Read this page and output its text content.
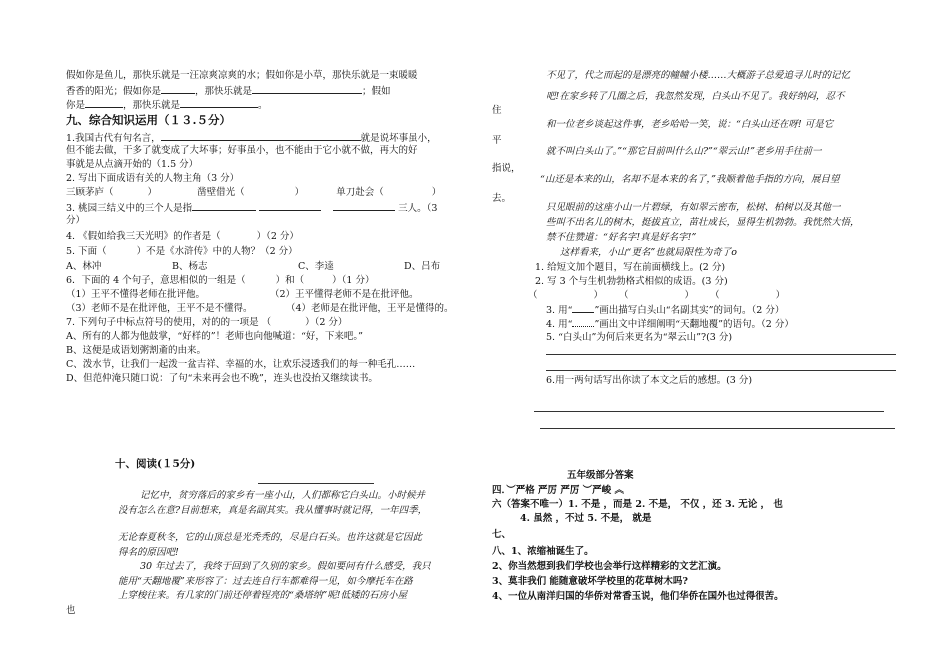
假如你是鱼儿，那快乐就是一汪凉爽凉爽的水；假如你是小草，那快乐就是一束暖暖
香香的阳光；假如你是	，那快乐就是	；假如
你是	，那快乐就是	。
九、综合知识运用（１３.５分）
1.我国古代有句名言，	就是说坏事虽小，
但不能去做，干多了就变成了大坏事；好事虽小，也不能由于它小就不做，再大的好
事就是从点滴开始的（1.5 分）
2. 写出下面成语有关的人物主角（3 分）
三顾茅庐（	）	凿壁借光（	）	单刀赴会（	）
3. 桃园三结义中的三个人是指	三人。（3
分）
4. 《假如给我三天光明》的作者是（	）（2 分）
5. 下面（	）不是《水浒传》中的人物？（2 分）
A、林冲	B、杨志	C、李逵	D、吕布
6．下面的 4 个句子，意思相似的一组是（	）和（	）（1 分）
（1）王平不懂得老师在批评他。	（2）王平懂得老师不是在批评他。
（3）老师不是在批评他，王平不是不懂得。	（4）老师是在批评他，王平是懂得的。
7. 下列句子中标点符号的使用，对的的一项是 （	）（2 分）
A、所有的人都为他鼓掌，“好样的”！老师也向他喊道：“好，下来吧。”
B、这便是成语划粥割齑的由来。
C、泼水节，让我们一起泼一盆吉祥、幸福的水，让欢乐浸透我们的每一种毛孔……
D、但范仲淹只随口说：了句“未来再会也不晚”，连头也没抬又继续读书。
十、阅读(１5分)
记忆中，贫穷落后的家乡有一座小山，人们都称它白头山。小时候并
没有怎么在意?目前想来，真是名副其实。我从懂事时就记得，一年四季，
无论春夏秋冬，它的山顶总是光秃秃的，尽是白石头。也许这就是它因此
得名的原因吧!
30 年过去了，我终于回到了久别的家乡。假如要问有什么感受，我只
能用“天翻地覆”来形容了：过去连自行车都难得一见，如今摩托车在路
上穿梭往来。有几家的门前还停着锃亮的“桑塔纳”呢!低矮的石房小屋
也
住
平
指说，
去。
不见了，代之而起的是漂亮的幢幢小楼……大概游子总爱追寻儿时的记忆
吧!在家乡转了几圈之后，我忽然发现，白头山不见了。我好纳闷，忍不
和一位老乡谈起这件事，老乡哈哈一笑，说：“白头山还在呀! 可是它
就不叫白头山了。”“那它目前叫什么山?”“翠云山!”老乡用手往前一
“山还是本来的山，名却不是本来的名了，”我顺着他手指的方向，展目望
只见眼前的这座小山一片碧绿，有如翠云密布，松树、柏树以及其他一
些叫不出名儿的树木，挺拔直立，苗壮成长，显得生机勃勃。我恍然大悟，
禁不住赞道：“好名字!真是好名字!”
这样看来，小山“更名”也就局限性为奇了ο
1. 给短文加个题目，写在前面横线上。(2 分)
2. 写 3 个与生机勃勃格式相似的成语。(3 分)
（	） （	） （	）
3. 用“ ”画出描写白头山“名副其实”的词句。（2 分）
4. 用“ ”画出文中详细阐明“天翻地覆”的语句。（2 分）
5. “白头山”为何后来更名为“翠云山”?(3 分)
6.用一两句话写出你读了本文之后的感想。(3 分)
五年级部分答案
四．︶严格 严厉 严厉 ︶严峻 ︽
六（答案不唯一）1. 不是 ，而是 2. 不是， 不仅 ，还 3. 无论 ， 也
4. 虽然 ，不过 5. 不是， 就是
七、
八、1、浓缩袖诞生了。
2、你当然想到我们学校也会举行这样精彩的文艺汇演。
3、莫非我们 能随意破坏学校里的花草树木吗?
4、一位从南洋归国的华侨对常香玉说，他们华侨在国外也过得很苦。
